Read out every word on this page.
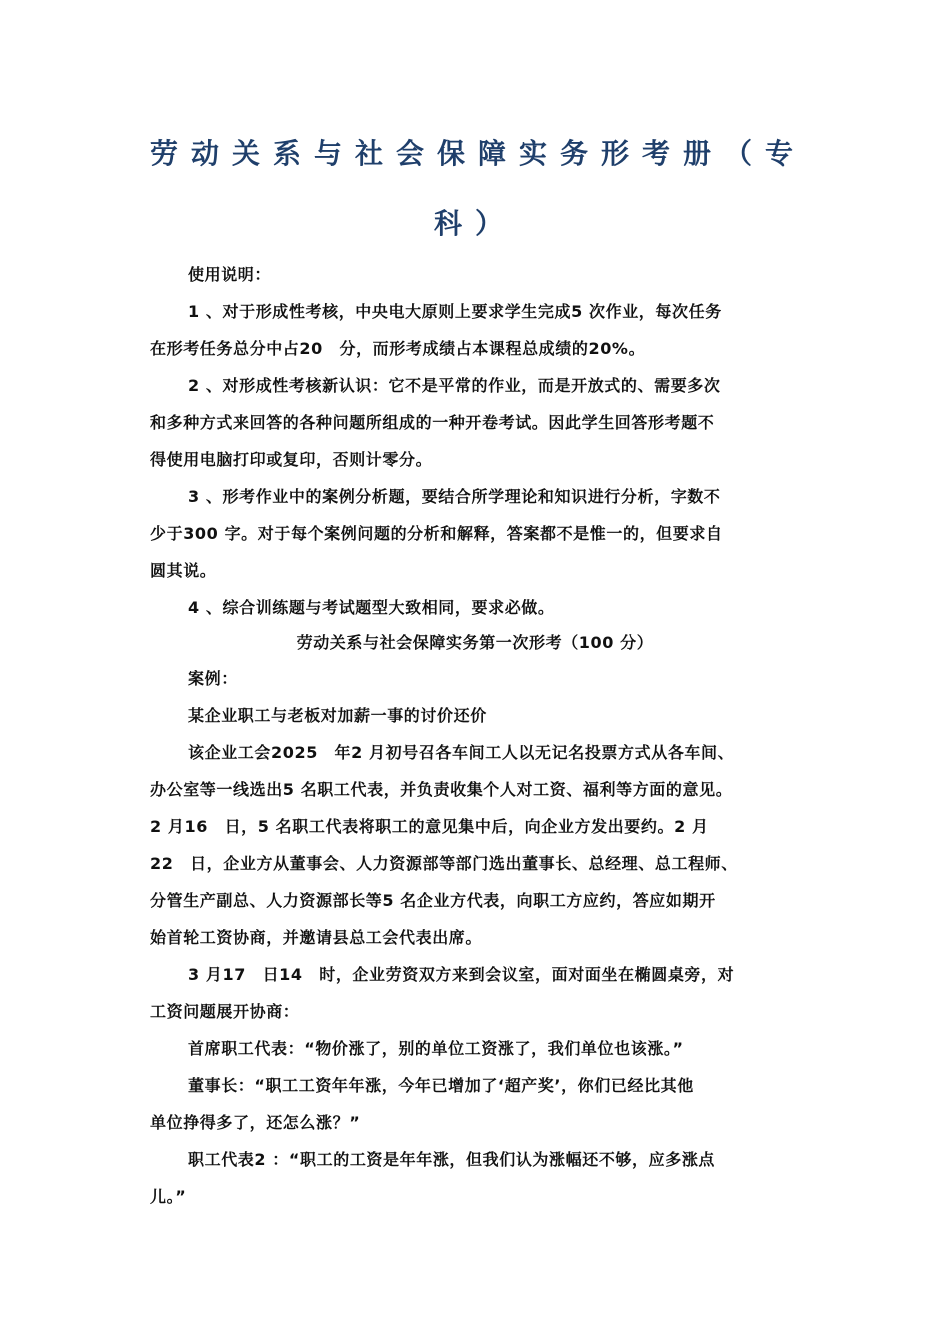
劳动关系与社会保障实务形考册（专
科）
使用说明：
1 、对于形成性考核，中央电大原则上要求学生完成5 次作业，每次任务
在形考任务总分中占20　分，而形考成绩占本课程总成绩的20%。
2 、对形成性考核新认识：它不是平常的作业，而是开放式的、需要多次
和多种方式来回答的各种问题所组成的一种开卷考试。因此学生回答形考题不
得使用电脑打印或复印，否则计零分。
3 、形考作业中的案例分析题，要结合所学理论和知识进行分析，字数不
少于300 字。对于每个案例问题的分析和解释，答案都不是惟一的，但要求自
圆其说。
4 、综合训练题与考试题型大致相同，要求必做。
劳动关系与社会保障实务第一次形考（100 分）
案例：
某企业职工与老板对加薪一事的讨价还价
该企业工会2025　年2 月初号召各车间工人以无记名投票方式从各车间、
办公室等一线选出5 名职工代表，并负责收集个人对工资、福利等方面的意见。
2 月16　日，5 名职工代表将职工的意见集中后，向企业方发出要约。2 月
22　日，企业方从董事会、人力资源部等部门选出董事长、总经理、总工程师、
分管生产副总、人力资源部长等5 名企业方代表，向职工方应约，答应如期开
始首轮工资协商，并邀请县总工会代表出席。
3 月17　日14　时，企业劳资双方来到会议室，面对面坐在椭圆桌旁，对
工资问题展开协商：
首席职工代表：“物价涨了，别的单位工资涨了，我们单位也该涨。”
董事长：“职工工资年年涨，今年已增加了‘超产奖’，你们已经比其他
单位挣得多了，还怎么涨？”
职工代表2 ：“职工的工资是年年涨，但我们认为涨幅还不够，应多涨点
儿。”
